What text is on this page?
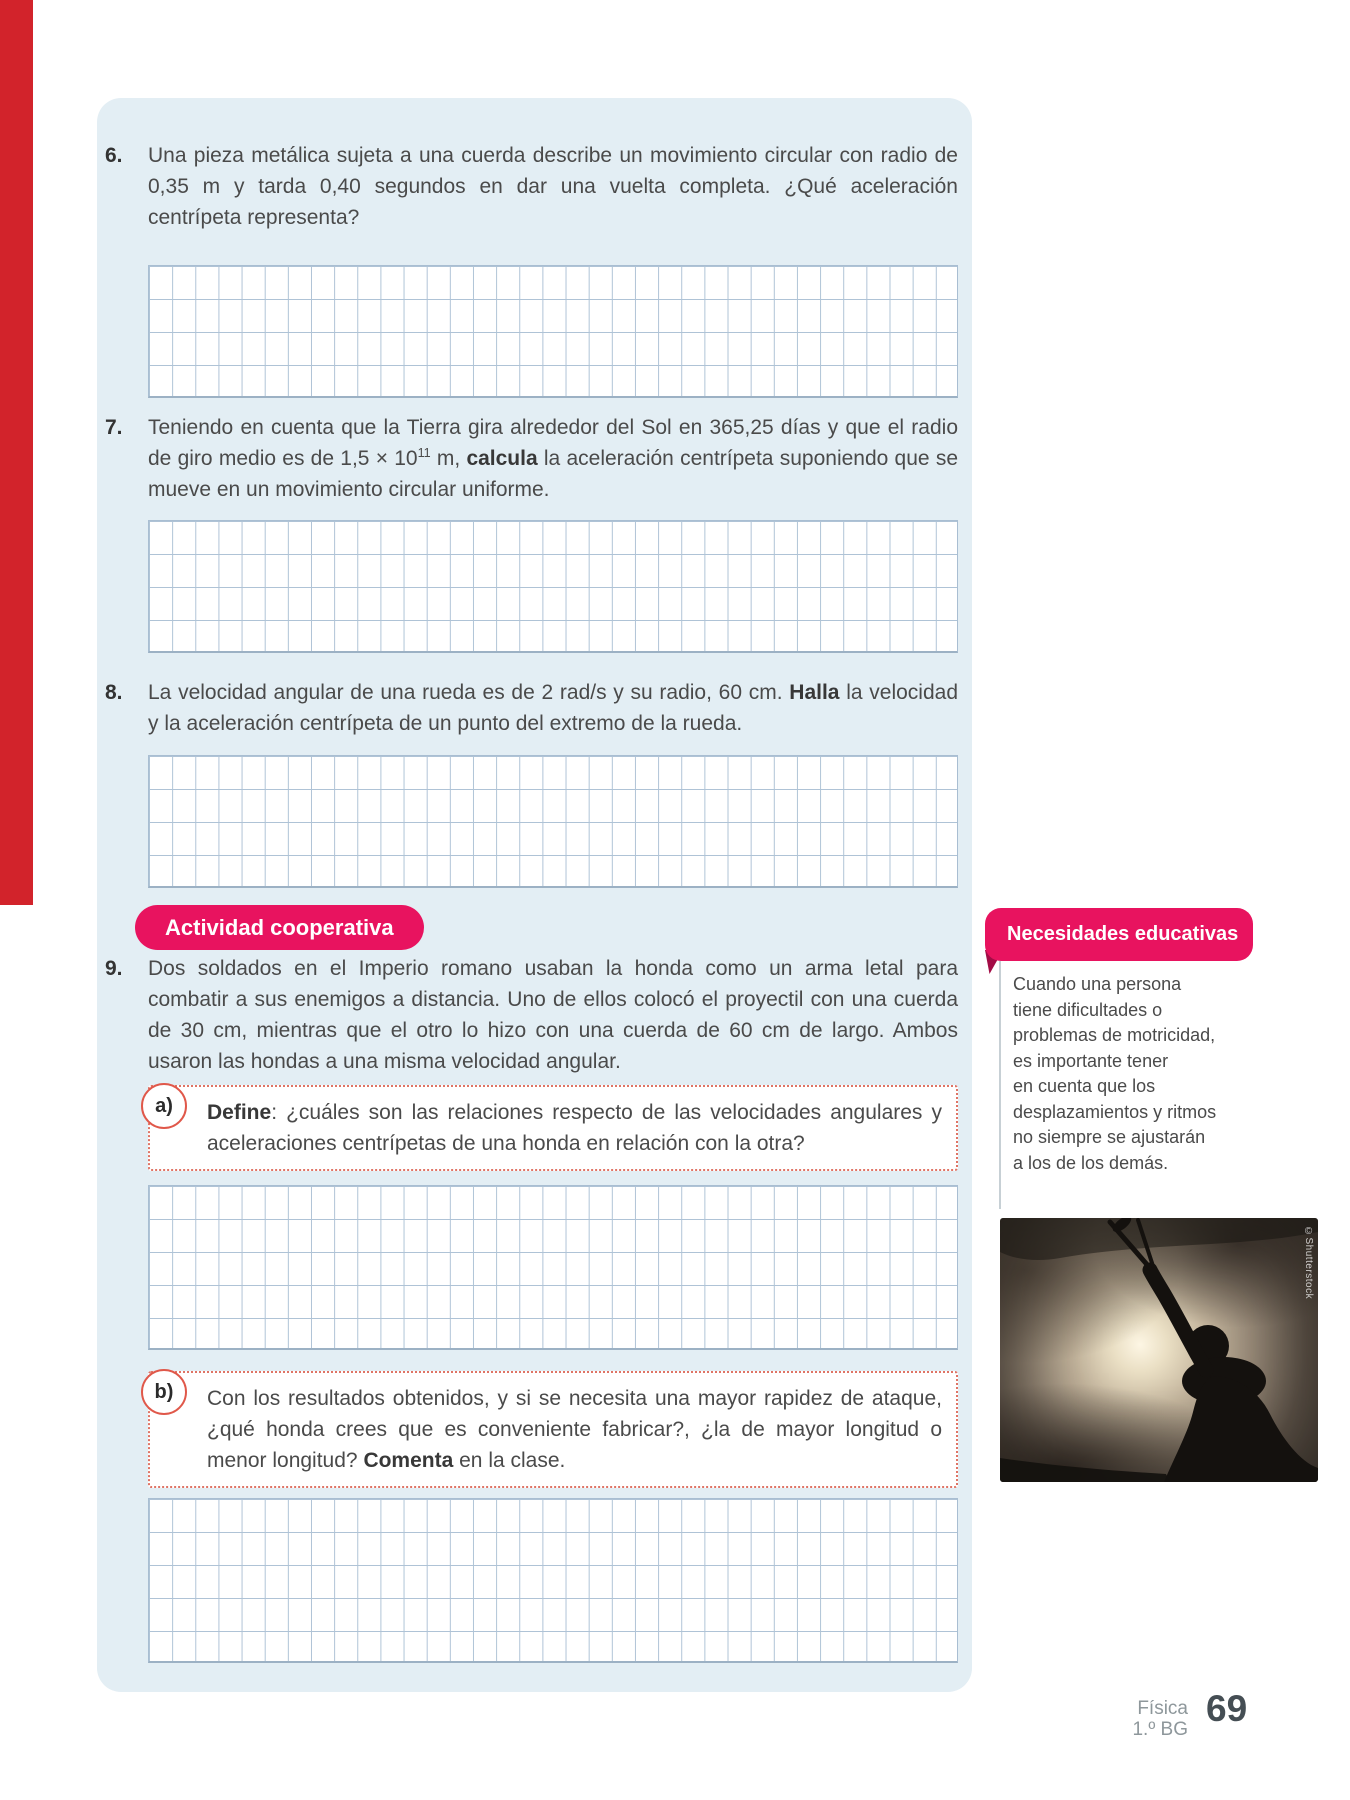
6.	Una pieza metálica sujeta a una cuerda describe un movimiento circular con radio de 0,35 m y tarda 0,40 segundos en dar una vuelta completa. ¿Qué aceleración centrípeta representa?
7.	Teniendo en cuenta que la Tierra gira alrededor del Sol en 365,25 días y que el radio de giro medio es de $1,5 \times 10^{11}$ m, calcula la aceleración centrípeta suponiendo que se mueve en un movimiento circular uniforme.
8.	La velocidad angular de una rueda es de 2 rad/s y su radio, 60 cm. Halla la velocidad y la aceleración centrípeta de un punto del extremo de la rueda.
Actividad cooperativa
9.	Dos soldados en el Imperio romano usaban la honda como un arma letal para combatir a sus enemigos a distancia. Uno de ellos colocó el proyectil con una cuerda de 30 cm, mientras que el otro lo hizo con una cuerda de 60 cm de largo. Ambos usaron las hondas a una misma velocidad angular.
Define: ¿cuáles son las relaciones respecto de las velocidades angulares y aceleraciones centrípetas de una honda en relación con la otra?
a)
Con los resultados obtenidos, y si se necesita una mayor rapidez de ataque, ¿qué honda crees que es conveniente fabricar?, ¿la de mayor longitud o menor longitud? Comenta en la clase.
b)
Necesidades educativas
Cuando una persona
tiene dificultades o
problemas de motricidad,
es importante tener
en cuenta que los
desplazamientos y ritmos
no siempre se ajustarán
a los de los demás.
©Shutterstock
Física
1.º BG
69
